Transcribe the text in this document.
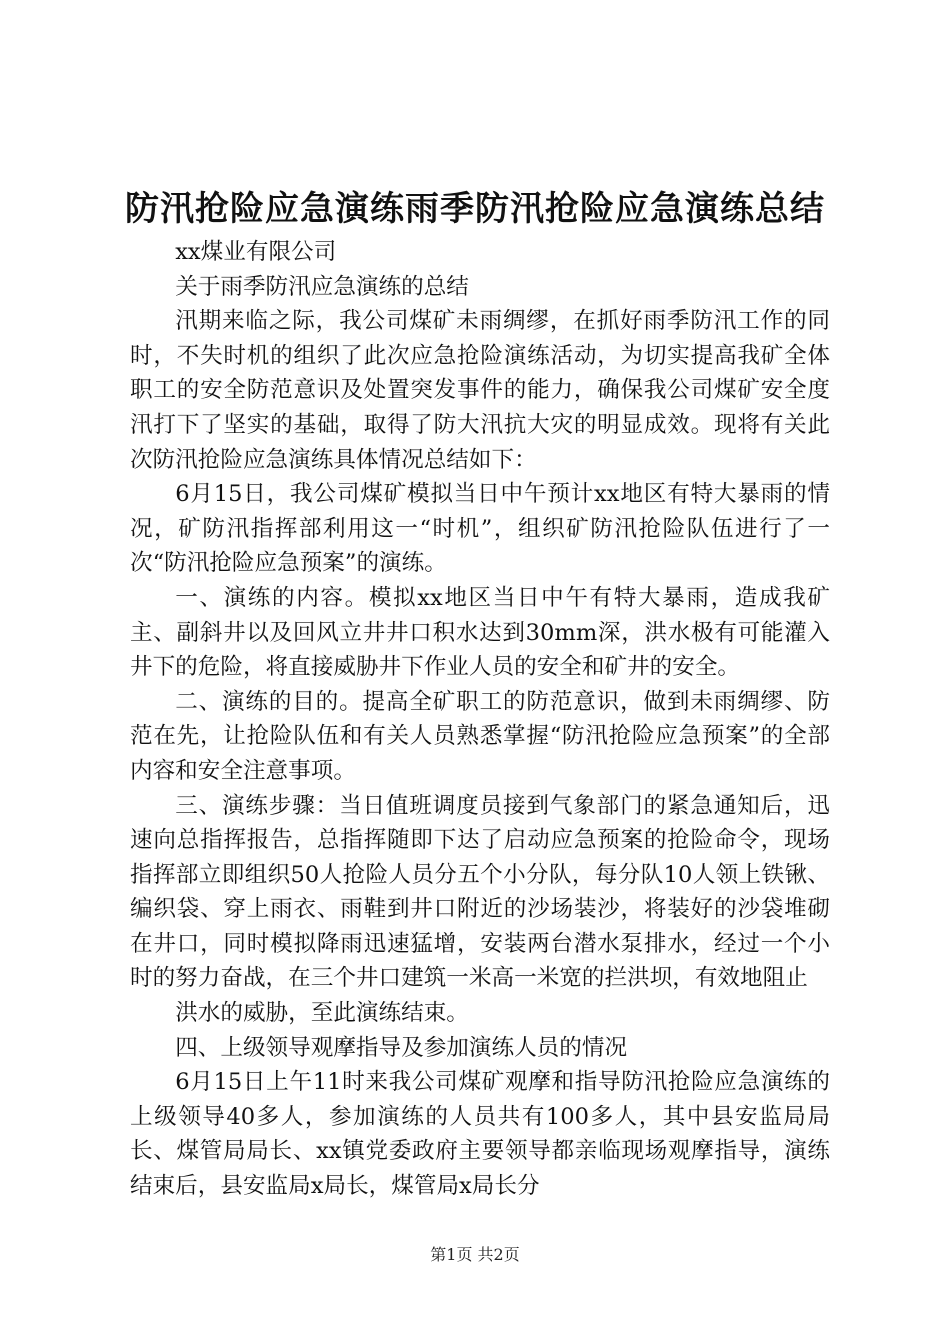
防汛抢险应急演练雨季防汛抢险应急演练总结

xx煤业有限公司

关于雨季防汛应急演练的总结

汛期来临之际，我公司煤矿未雨绸缪，在抓好雨季防汛工作的同时，不失时机的组织了此次应急抢险演练活动，为切实提高我矿全体职工的安全防范意识及处置突发事件的能力，确保我公司煤矿安全度汛打下了坚实的基础，取得了防大汛抗大灾的明显成效。现将有关此次防汛抢险应急演练具体情况总结如下：

6月15日，我公司煤矿模拟当日中午预计xx地区有特大暴雨的情况，矿防汛指挥部利用这一“时机”，组织矿防汛抢险队伍进行了一次“防汛抢险应急预案”的演练。

一、演练的内容。模拟xx地区当日中午有特大暴雨，造成我矿主、副斜井以及回风立井井口积水达到30mm深，洪水极有可能灌入井下的危险，将直接威胁井下作业人员的安全和矿井的安全。

二、演练的目的。提高全矿职工的防范意识，做到未雨绸缪、防范在先，让抢险队伍和有关人员熟悉掌握“防汛抢险应急预案”的全部内容和安全注意事项。

三、演练步骤：当日值班调度员接到气象部门的紧急通知后，迅速向总指挥报告，总指挥随即下达了启动应急预案的抢险命令，现场指挥部立即组织50人抢险人员分五个小分队，每分队10人领上铁锹、编织袋、穿上雨衣、雨鞋到井口附近的沙场装沙，将装好的沙袋堆砌在井口，同时模拟降雨迅速猛增，安装两台潜水泵排水，经过一个小时的努力奋战，在三个井口建筑一米高一米宽的拦洪坝，有效地阻止

洪水的威胁，至此演练结束。

四、上级领导观摩指导及参加演练人员的情况

6月15日上午11时来我公司煤矿观摩和指导防汛抢险应急演练的上级领导40多人，参加演练的人员共有100多人，其中县安监局局长、煤管局局长、xx镇党委政府主要领导都亲临现场观摩指导，演练结束后，县安监局x局长，煤管局x局长分

第1页 共2页
